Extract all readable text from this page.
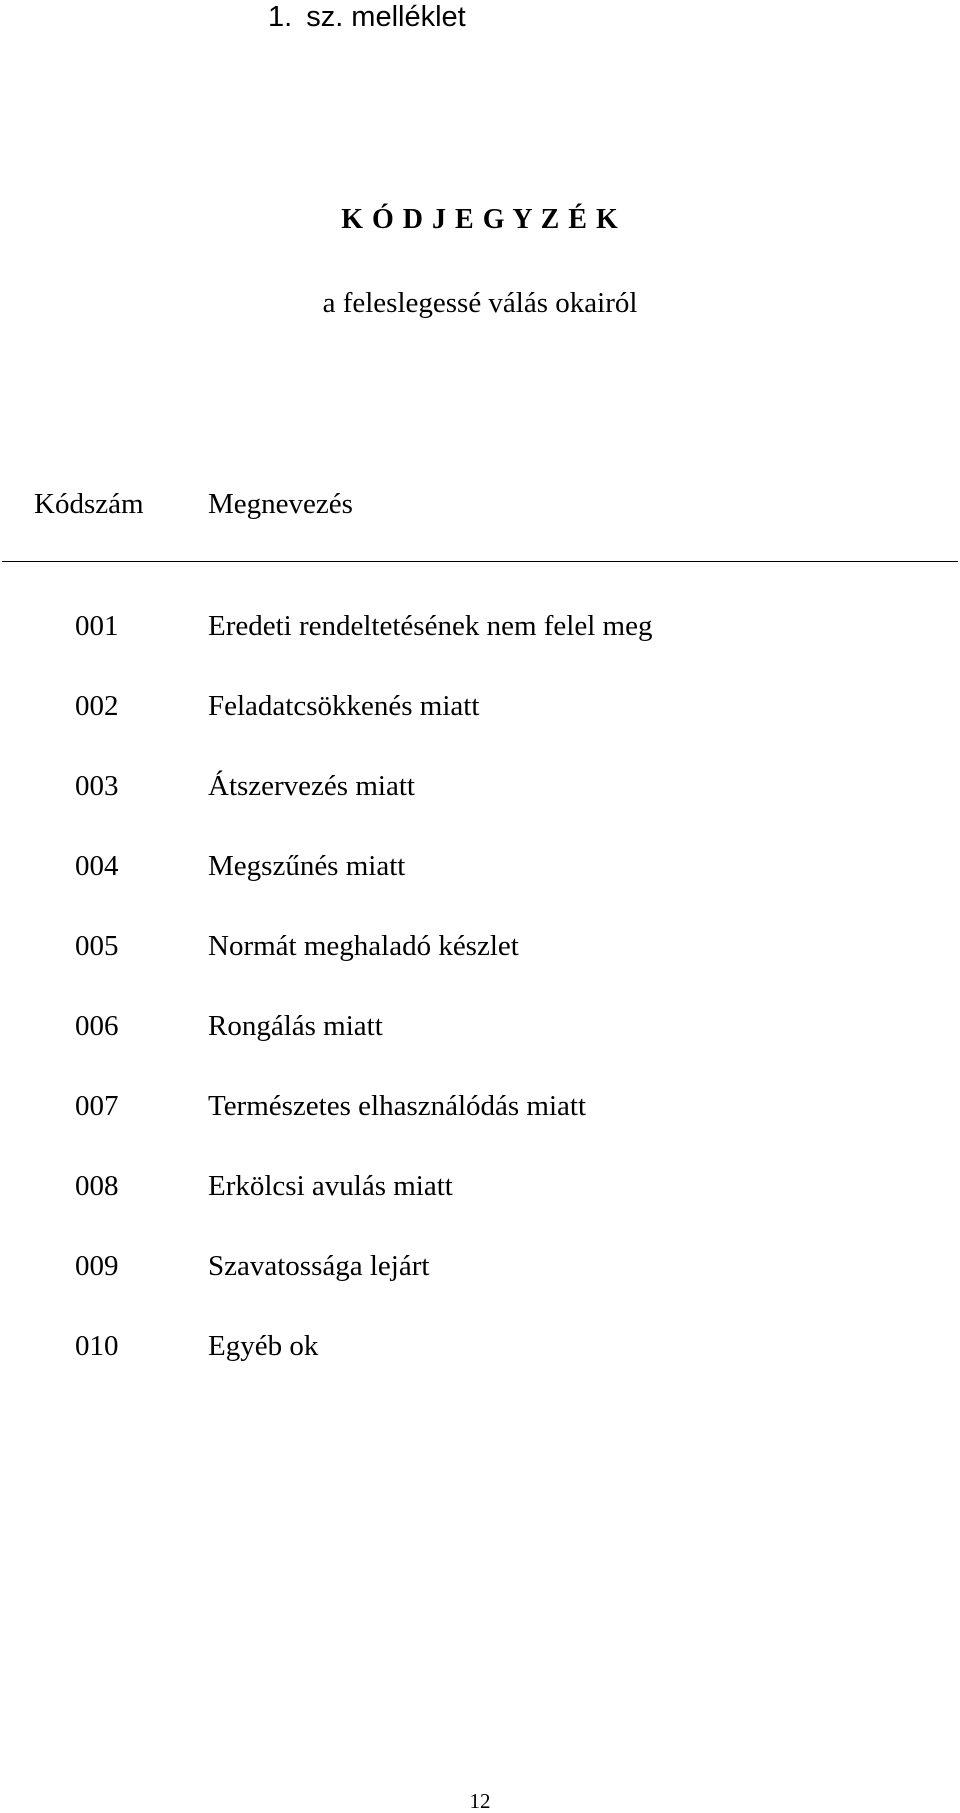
1. sz. melléklet
K Ó D J E G Y Z É K
a feleslegessé válás okairól
Kódszám Megnevezés
001	Eredeti rendeltetésének nem felel meg
002	Feladatcsökkenés miatt
003	Átszervezés miatt
004	Megszűnés miatt
005	Normát meghaladó készlet
006	Rongálás miatt
007	Természetes elhasználódás miatt
008	Erkölcsi avulás miatt
009	Szavatossága lejárt
010	Egyéb ok
12
